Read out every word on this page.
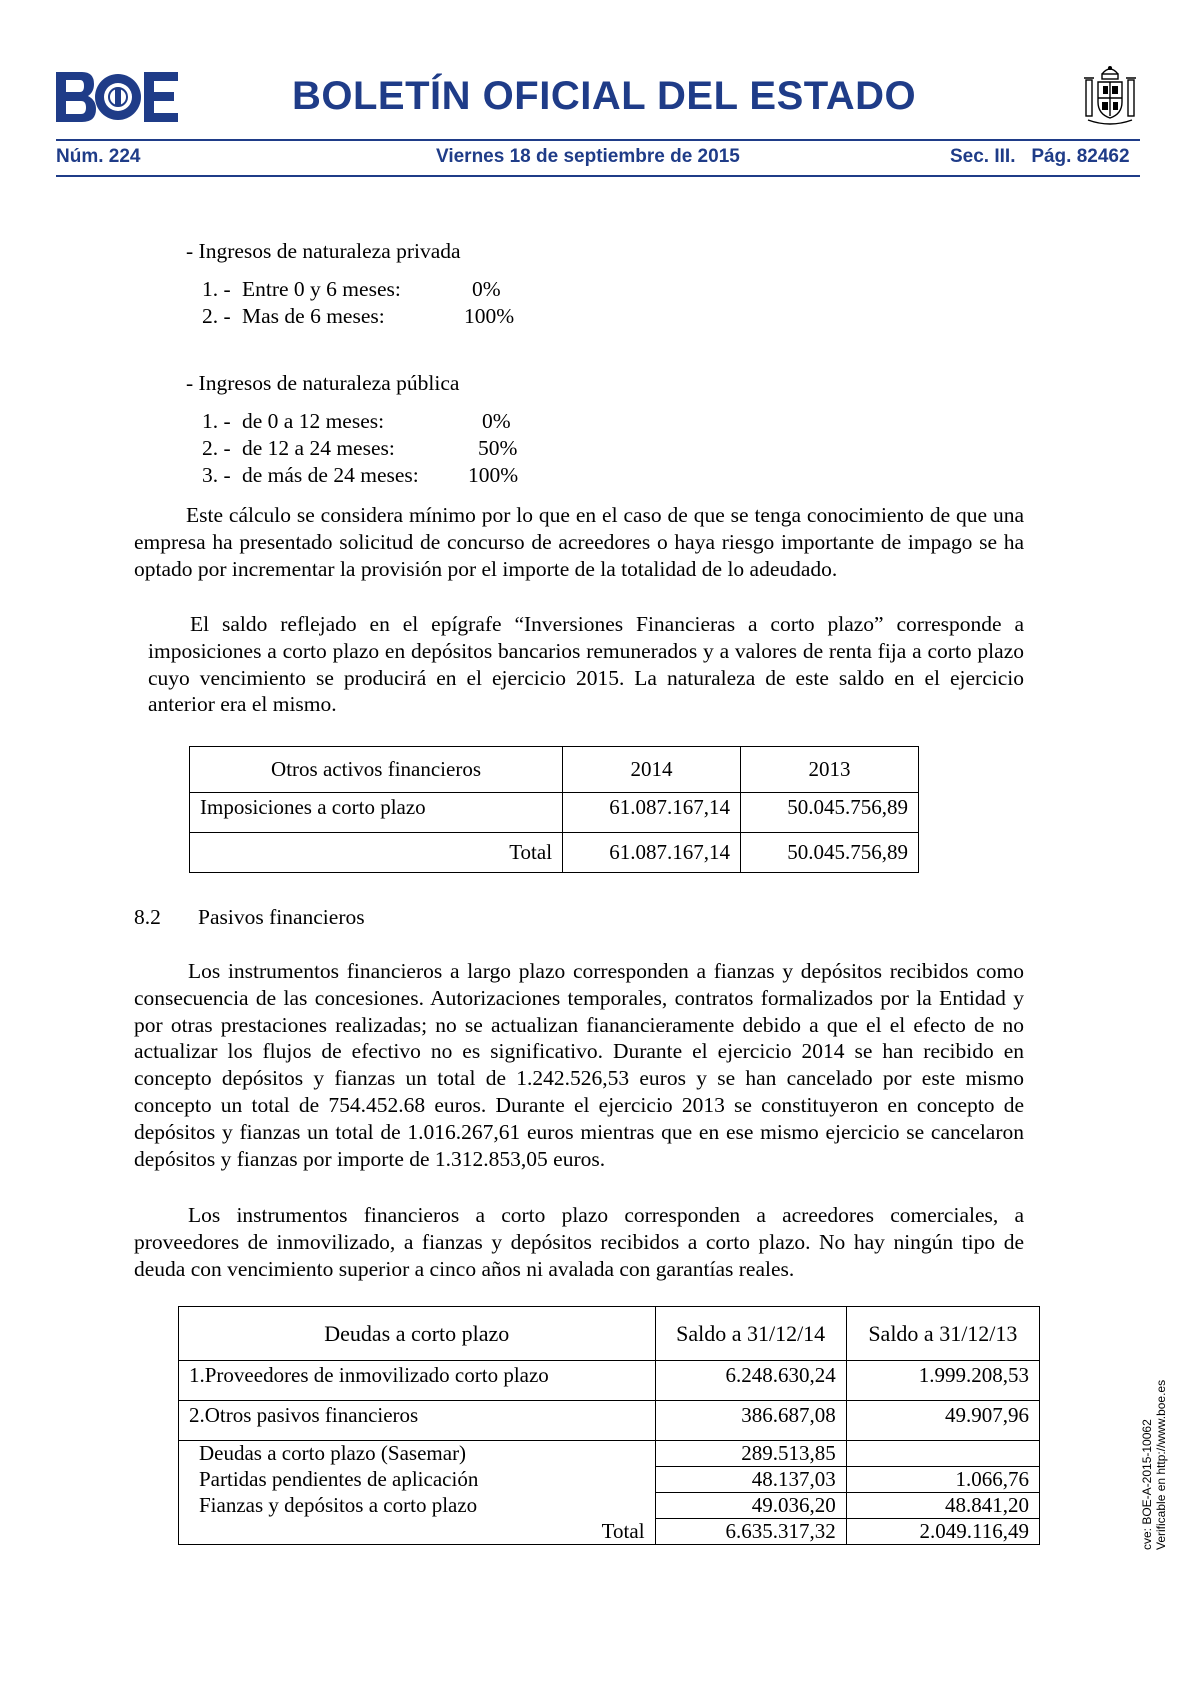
BOLETÍN OFICIAL DEL ESTADO
Núm. 224	Viernes 18 de septiembre de 2015	Sec. III.   Pág. 82462
- Ingresos de naturaleza privada
1. - Entre 0 y 6 meses:	0%
2. - Mas de 6 meses:	100%
- Ingresos de naturaleza pública
1. - de 0 a 12 meses:	0%
2. - de 12 a 24 meses:	50%
3. - de más de 24 meses: 100%
Este cálculo se considera mínimo por lo que en el caso de que se tenga conocimiento de que una empresa ha presentado solicitud de concurso de acreedores o haya riesgo importante de impago se ha optado por incrementar la provisión por el importe de la totalidad de lo adeudado.
El saldo reflejado en el epígrafe “Inversiones Financieras a corto plazo” corresponde a imposiciones a corto plazo en depósitos bancarios remunerados y a valores de renta fija a corto plazo cuyo vencimiento se producirá en el ejercicio 2015. La naturaleza de este saldo en el ejercicio anterior era el mismo.
Otros activos financieros	2014	2013
Imposiciones a corto plazo	61.087.167,14	50.045.756,89
Total	61.087.167,14	50.045.756,89
8.2 Pasivos financieros
Los instrumentos financieros a largo plazo corresponden a fianzas y depósitos recibidos como consecuencia de las concesiones. Autorizaciones temporales, contratos formalizados por la Entidad y por otras prestaciones realizadas; no se actualizan fianancieramente debido a que el el efecto de no actualizar los flujos de efectivo no es significativo. Durante el ejercicio 2014 se han recibido en concepto depósitos y fianzas un total de 1.242.526,53 euros y se han cancelado por este mismo concepto un total de 754.452.68 euros. Durante el ejercicio 2013 se constituyeron en concepto de depósitos y fianzas un total de 1.016.267,61 euros mientras que en ese mismo ejercicio se cancelaron depósitos y fianzas por importe de 1.312.853,05 euros.
Los instrumentos financieros a corto plazo corresponden a acreedores comerciales, a proveedores de inmovilizado, a fianzas y depósitos recibidos a corto plazo. No hay ningún tipo de deuda con vencimiento superior a cinco años ni avalada con garantías reales.
Deudas a corto plazo	Saldo a 31/12/14	Saldo a 31/12/13
1.Proveedores de inmovilizado corto plazo	6.248.630,24	1.999.208,53
2.Otros pasivos financieros	386.687,08	49.907,96
Deudas a corto plazo (Sasemar)	289.513,85	
Partidas pendientes de aplicación	48.137,03	1.066,76
Fianzas y depósitos a corto plazo	49.036,20	48.841,20
Total	6.635.317,32	2.049.116,49	cve: BOE-A-2015-10062 Verificable en http://www.boe.es
